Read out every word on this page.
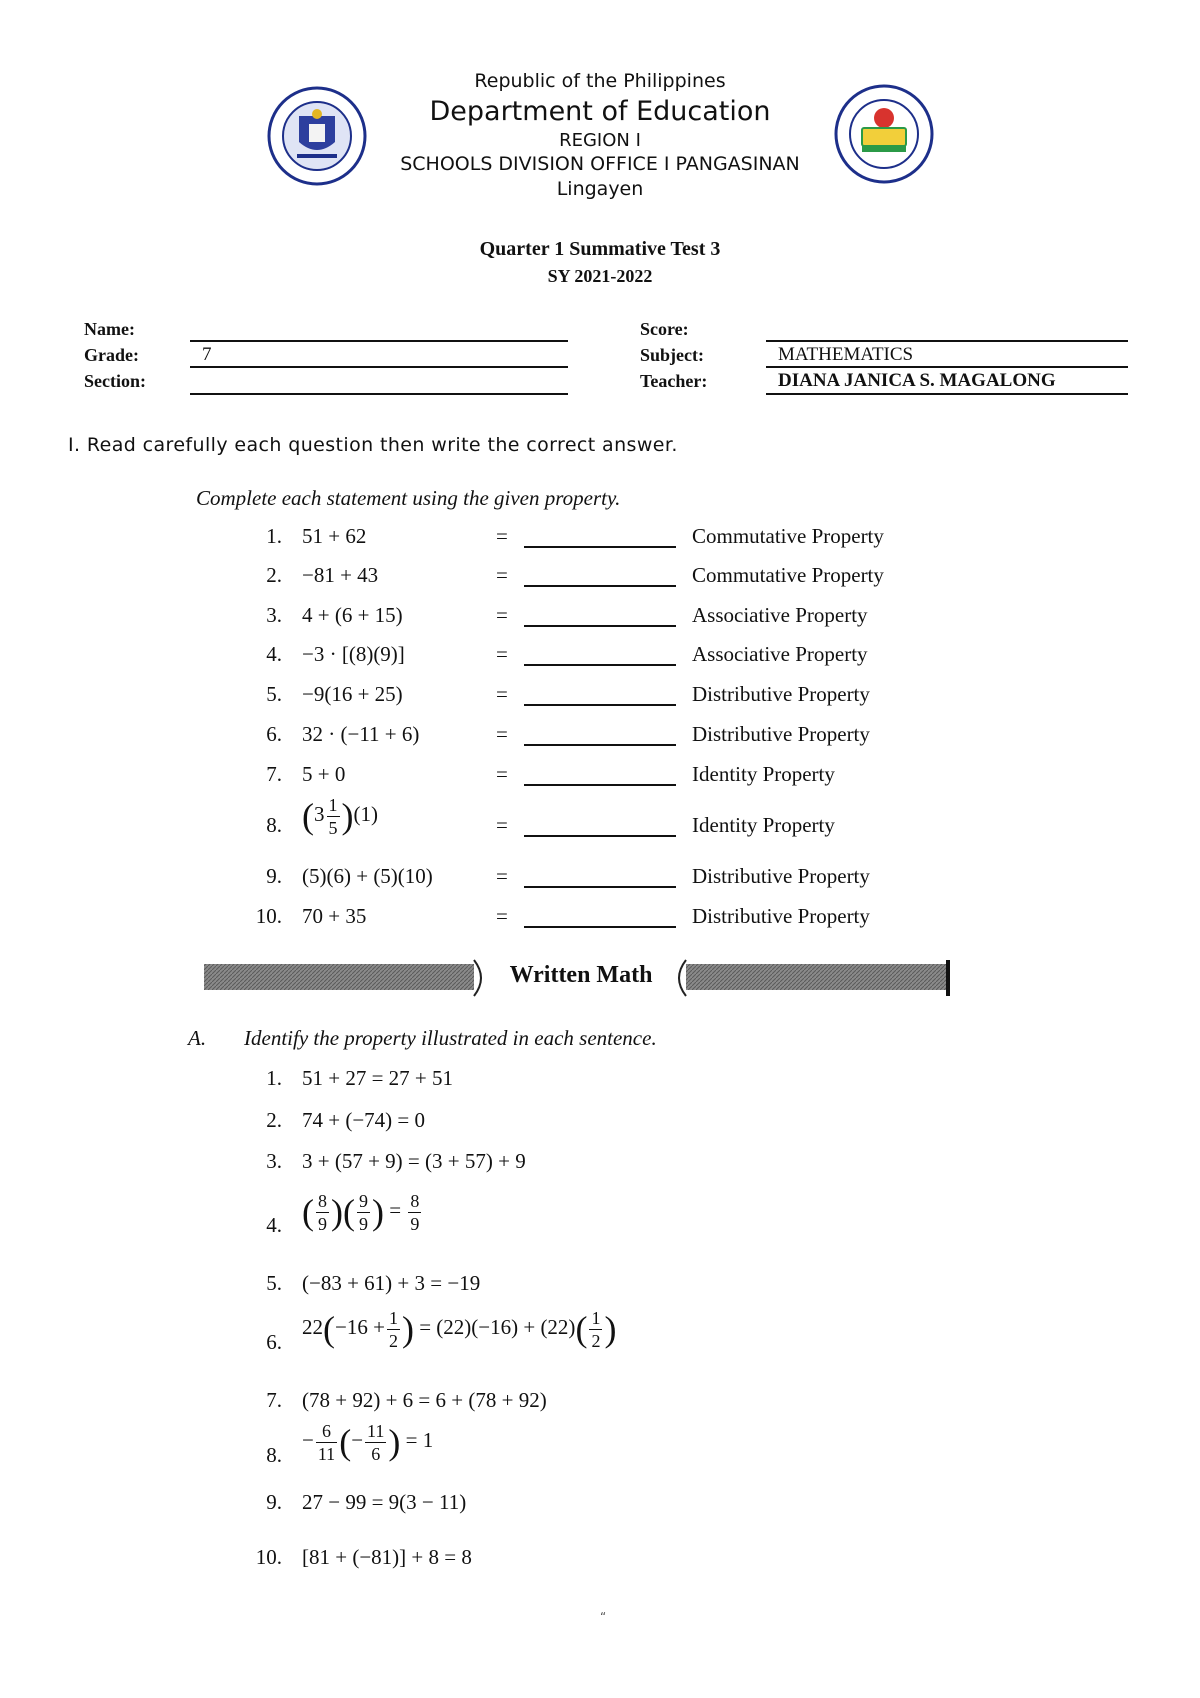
Republic of the Philippines
Department of Education
REGION I
SCHOOLS DIVISION OFFICE I PANGASINAN
Lingayen
Quarter 1 Summative Test 3
SY 2021-2022
Name:
Grade:	7
Section:
Score:
Subject:	MATHEMATICS
Teacher:	DIANA JANICA S. MAGALONG
I. Read carefully each question then write the correct answer.
Complete each statement using the given property.
1. 51 + 62	=	Commutative Property
2. −81 + 43	=	Commutative Property
3. 4 + (6 + 15)	=	Associative Property
4. −3 · [(8)(9)]	=	Associative Property
5. −9(16 + 25)	=	Distributive Property
6. 32 · (−11 + 6)	=	Distributive Property
7. 5 + 0	=	Identity Property
8. $(3 \frac{1}{5} )(1)$	=	Identity Property
9. (5)(6) + (5)(10)	=	Distributive Property
10. 70 + 35	=	Distributive Property
Written Math
A. Identify the property illustrated in each sentence.
1. 51 + 27 = 27 + 51
2. 74 + (−74) = 0
3. 3 + (57 + 9) = (3 + 57) + 9
4. ( $\frac{8}{9}$ )( $\frac{9}{9}$ ) = $\frac{8}{9}$
5. (−83 + 61) + 3 = −19
6.
$22(-16 + \frac{1}{2}$ ) = $(22)(-16) + (22)( \frac{1}{2}$ )
7. (78 + 92) + 6 = 6 + (78 + 92)
8.
− $\frac{6}{11}$ (− $\frac{11}{6}$ ) = 1
9. 27 − 99 = 9(3 − 11)
10. [81 + (−81)] + 8 = 8
“
